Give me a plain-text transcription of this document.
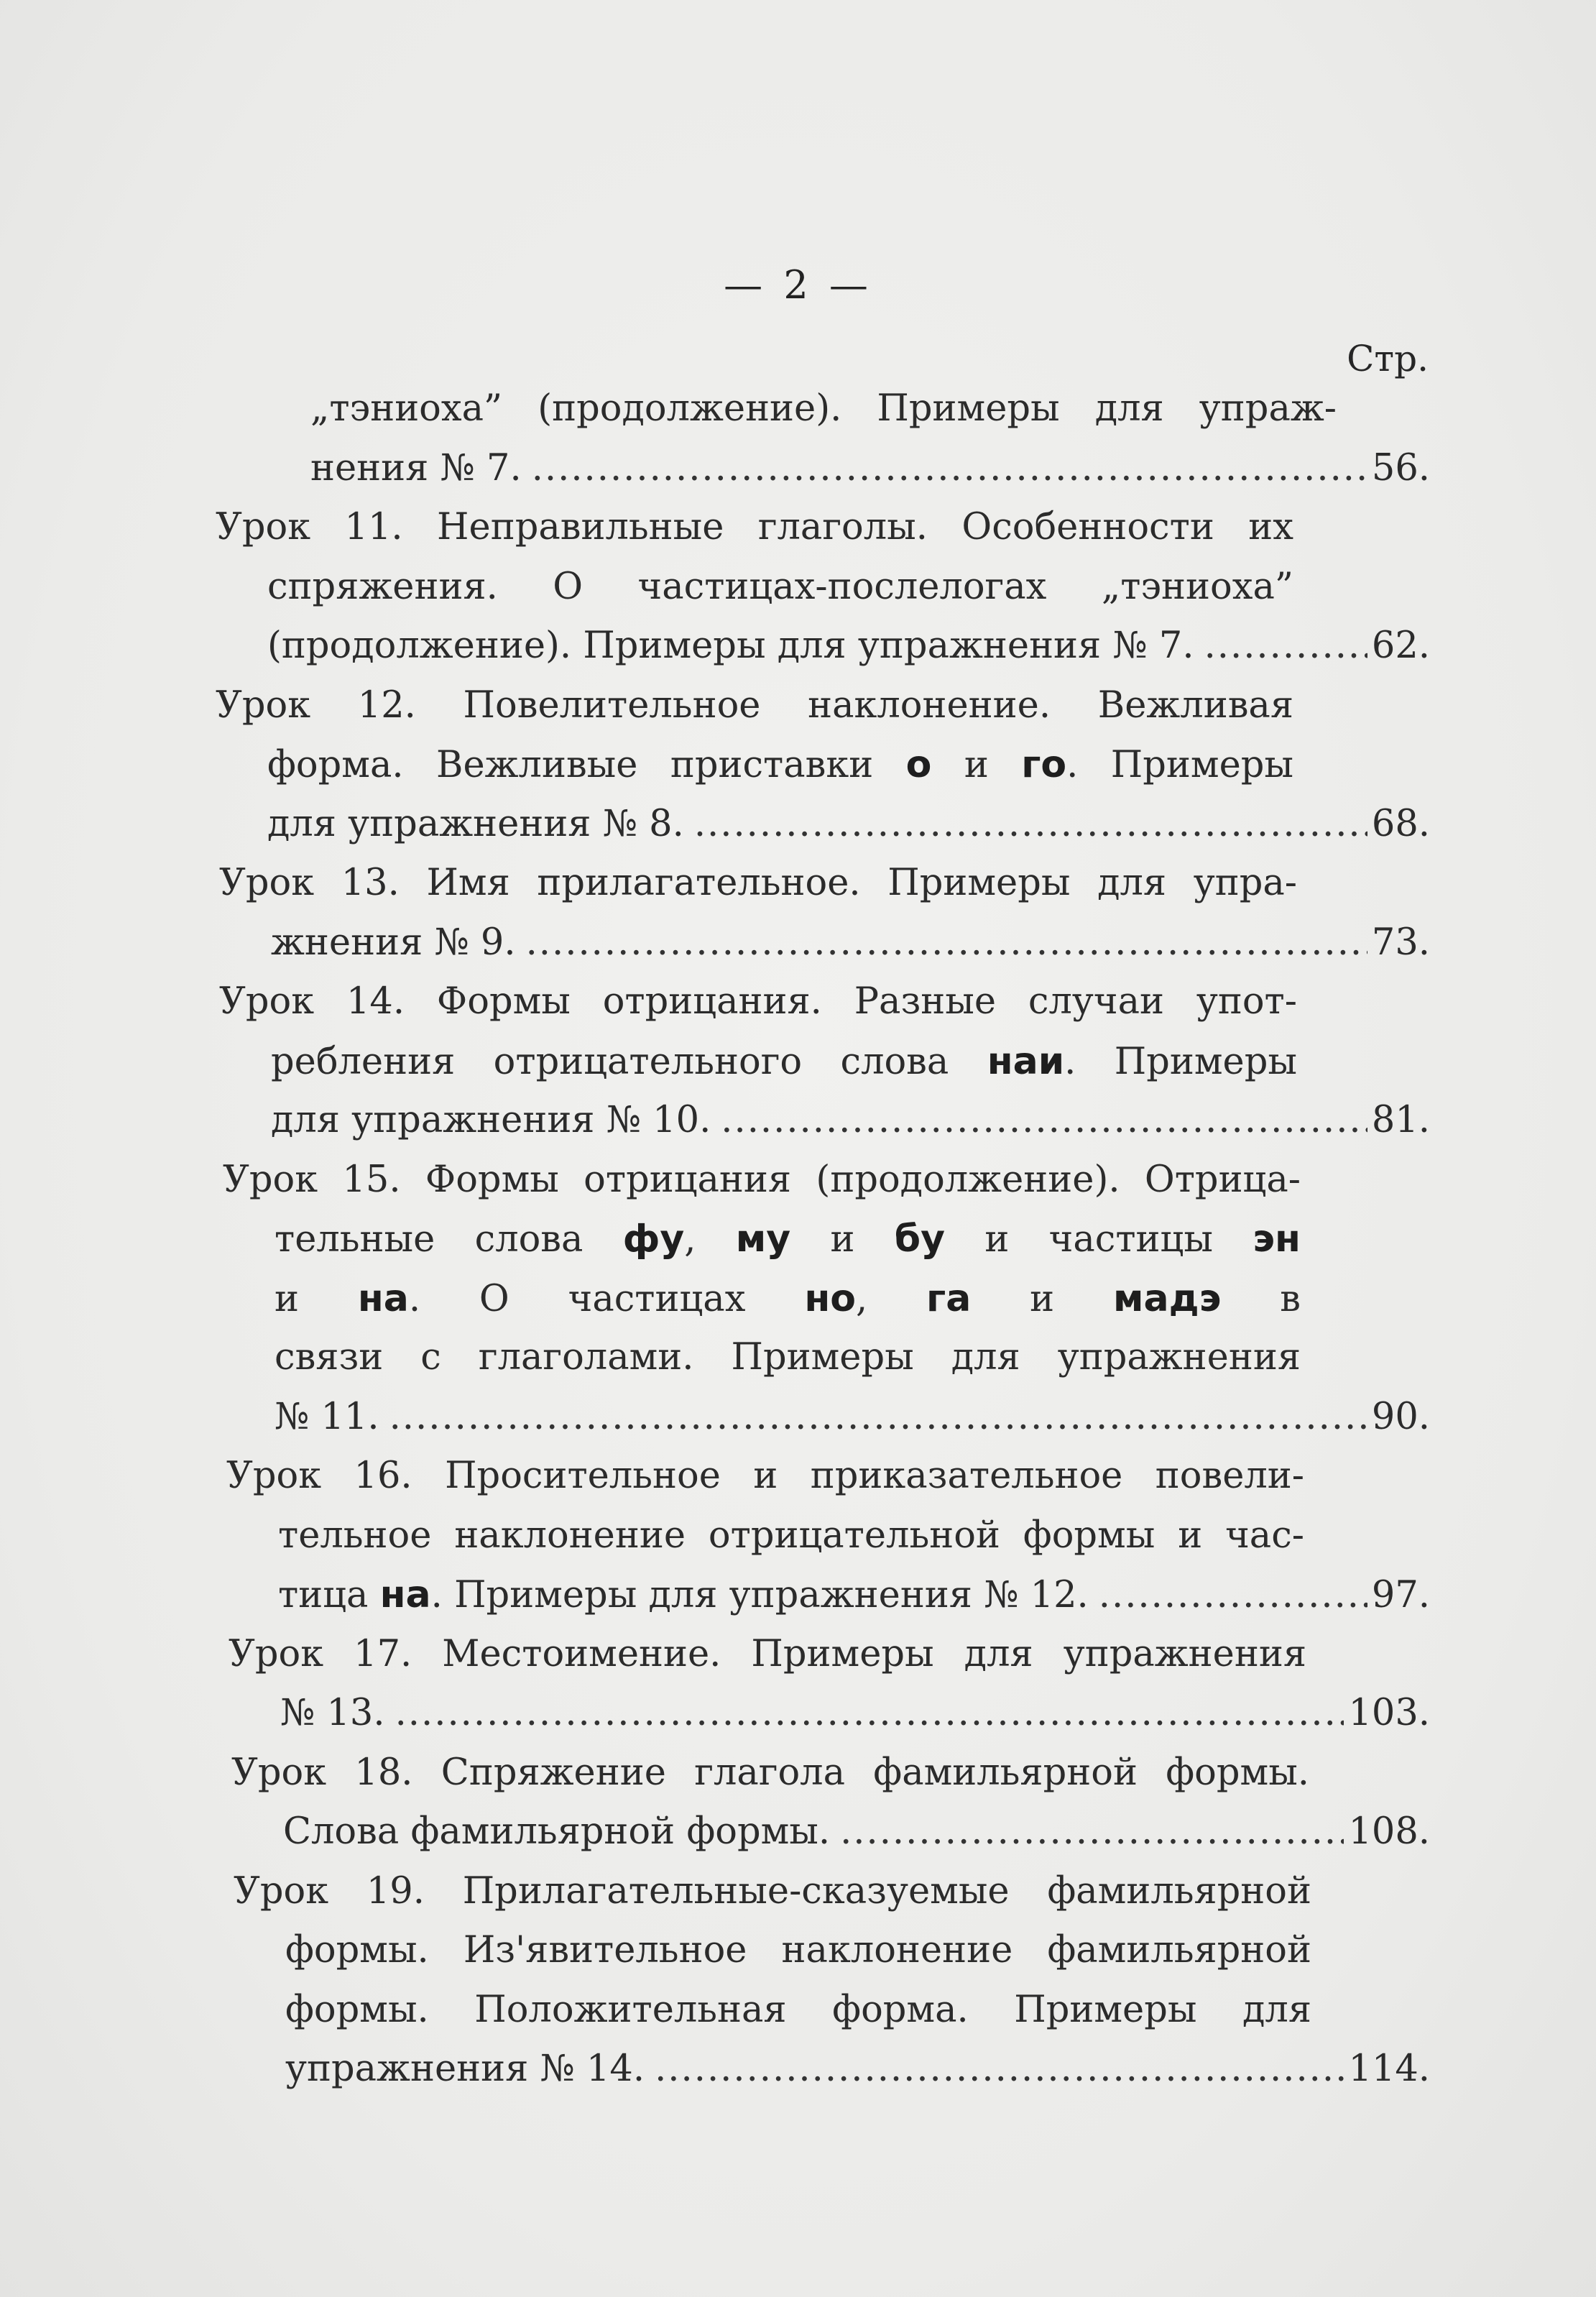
— 2 —
Стр.
„тэниоха” (продолжение). Примеры для упраж-
нения № 7. .....	56.
Урок 11. Неправильные глаголы. Особенности их
спряжения. О частицах-послелогах „тэниоха”
(продолжение). Примеры для упражнения № 7. .....	62.
Урок 12. Повелительное наклонение. Вежливая
форма. Вежливые приставки о и го. Примеры
для упражнения № 8. .....	68.
Урок 13. Имя прилагательное. Примеры для упра-
жнения № 9. .....	73.
Урок 14. Формы отрицания. Разные случаи упот-
ребления отрицательного слова наи. Примеры
для упражнения № 10. .....	81.
Урок 15. Формы отрицания (продолжение). Отрица-
тельные слова фу, му и бу и частицы эн
и на. О частицах но, га и мадэ в
связи с глаголами. Примеры для упражнения
№ 11. .....	90.
Урок 16. Просительное и приказательное повели-
тельное наклонение отрицательной формы и час-
тица на. Примеры для упражнения № 12. .....	97.
Урок 17. Местоимение. Примеры для упражнения
№ 13. .....	103.
Урок 18. Спряжение глагола фамильярной формы.
Слова фамильярной формы. .....	108.
Урок 19. Прилагательные-сказуемые фамильярной
формы. Из'явительное наклонение фамильярной
формы. Положительная форма. Примеры для
упражнения № 14. .....	114.
